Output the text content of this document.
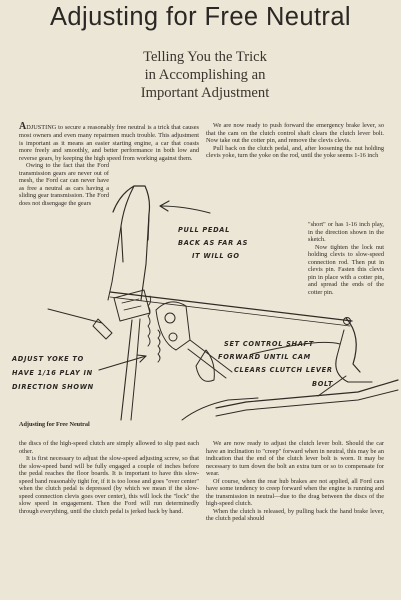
Adjusting for Free Neutral
Telling You the Trick
in Accomplishing an
Important Adjustment

ADJUSTING to secure a reasonably free neutral is a trick that causes most owners and even many repairmen much trouble. This adjustment is important as it means an easier starting engine, a car that coasts more freely and smoothly, and better performance in both low and reverse gears, by keeping the high speed from working against them.

Owing to the fact that the Ford transmission gears are never out of mesh, the Ford car can never have as free a neutral as cars having a sliding gear transmission. The Ford does not disengage the gears

We are now ready to push forward the emergency brake lever, so that the cam on the clutch control shaft clears the clutch lever bolt. Now take out the cotter pin, and remove the clevis clevis.

Pull back on the clutch pedal, and, after loosening the nut holding clevis yoke, turn the yoke on the rod, until the yoke seems 1-16 inch

"short" or has 1-16 inch play, in the direction shown in the sketch.

Now tighten the lock nut holding clevis to slow-speed connection rod. Then put in clevis pin. Fasten this clevis pin in place with a cotter pin, and spread the ends of the cotter pin.

PULL PEDAL
BACK AS FAR AS
IT WILL GO
ADJUST YOKE TO
HAVE 1/16 PLAY IN
DIRECTION SHOWN
SET CONTROL SHAFT
FORWARD UNTIL CAM
CLEARS CLUTCH LEVER
BOLT
Adjusting for Free Neutral

the discs of the high-speed clutch are simply allowed to slip past each other.

It is first necessary to adjust the slow-speed adjusting screw, so that the slow-speed band will be fully engaged a couple of inches before the pedal reaches the floor boards. It is important to have this slow-speed band reasonably tight for, if it is too loose and goes "over center" when the clutch pedal is depressed (by which we mean if the slow-speed connection clevis goes over center), this will lock the "lock" the slow speed in engagement. Then the Ford will run determinedly through everything, until the clutch pedal is jerked back by hand.

We are now ready to adjust the clutch lever bolt. Should the car have an inclination to "creep" forward when in neutral, this may be an indication that the end of the clutch lever bolt is worn. It may be necessary to turn down the bolt an extra turn or so to compensate for wear.

Of course, when the rear hub brakes are not applied, all Ford cars have some tendency to creep forward when the engine is running and the transmission in neutral—due to the drag between the discs of the high-speed clutch.

When the clutch is released, by pulling back the hand brake lever, the clutch pedal should
